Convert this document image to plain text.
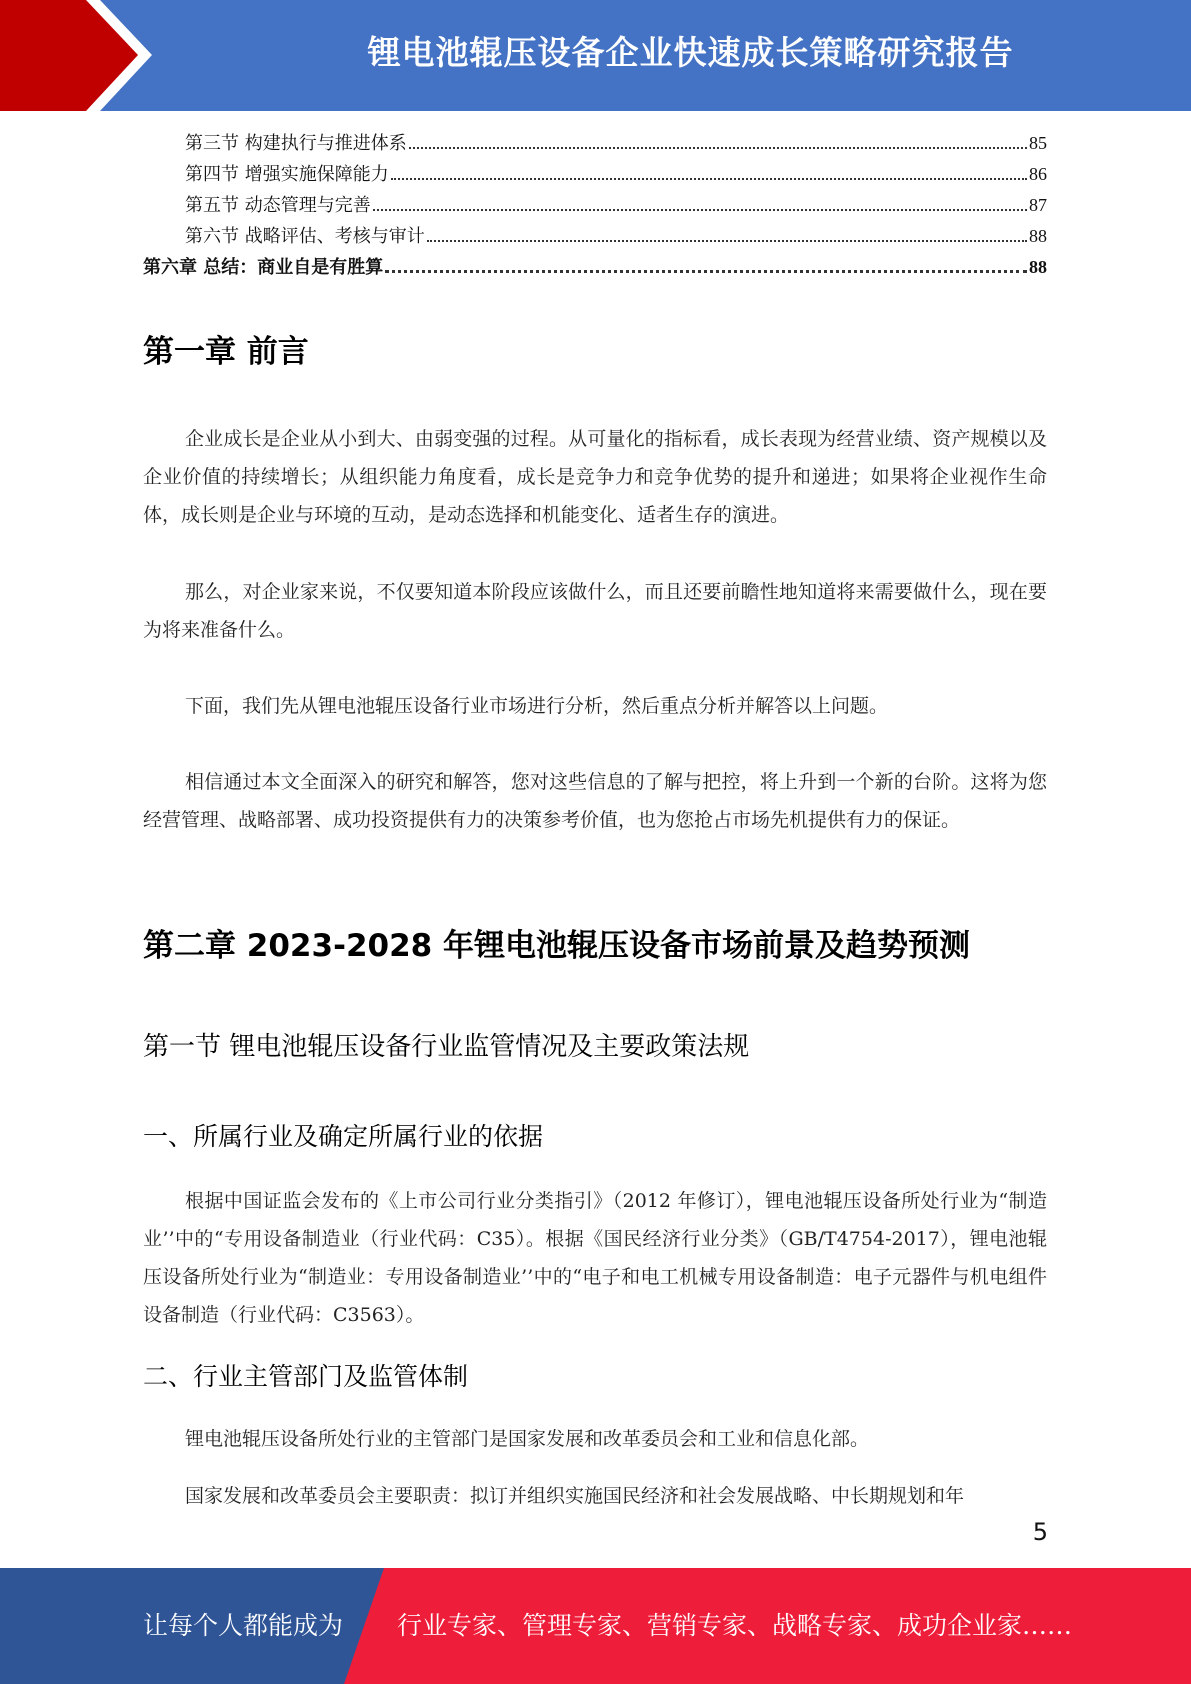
锂电池辊压设备企业快速成长策略研究报告
第三节 构建执行与推进体系	85
第四节 增强实施保障能力	86
第五节 动态管理与完善	87
第六节 战略评估、考核与审计	88
第六章 总结：商业自是有胜算	88
第一章 前言

企业成长是企业从小到大、由弱变强的过程。从可量化的指标看，成长表现为经营业绩、资产规模以及企业价值的持续增长；从组织能力角度看，成长是竞争力和竞争优势的提升和递进；如果将企业视作生命体，成长则是企业与环境的互动，是动态选择和机能变化、适者生存的演进。

那么，对企业家来说，不仅要知道本阶段应该做什么，而且还要前瞻性地知道将来需要做什么，现在要为将来准备什么。

下面，我们先从锂电池辊压设备行业市场进行分析，然后重点分析并解答以上问题。

相信通过本文全面深入的研究和解答，您对这些信息的了解与把控，将上升到一个新的台阶。这将为您经营管理、战略部署、成功投资提供有力的决策参考价值，也为您抢占市场先机提供有力的保证。

第二章 2023-2028 年锂电池辊压设备市场前景及趋势预测
第一节 锂电池辊压设备行业监管情况及主要政策法规
一、所属行业及确定所属行业的依据

根据中国证监会发布的《上市公司行业分类指引》（2012 年修订），锂电池辊压设备所处行业为“制造业’’中的“专用设备制造业（行业代码：C35）。根据《国民经济行业分类》（GB/T4754-2017），锂电池辊压设备所处行业为“制造业：专用设备制造业’’中的“电子和电工机械专用设备制造：电子元器件与机电组件设备制造（行业代码：C3563）。

二、行业主管部门及监管体制

锂电池辊压设备所处行业的主管部门是国家发展和改革委员会和工业和信息化部。

国家发展和改革委员会主要职责：拟订并组织实施国民经济和社会发展战略、中长期规划和年

5
让每个人都能成为 行业专家、管理专家、营销专家、战略专家、成功企业家……
